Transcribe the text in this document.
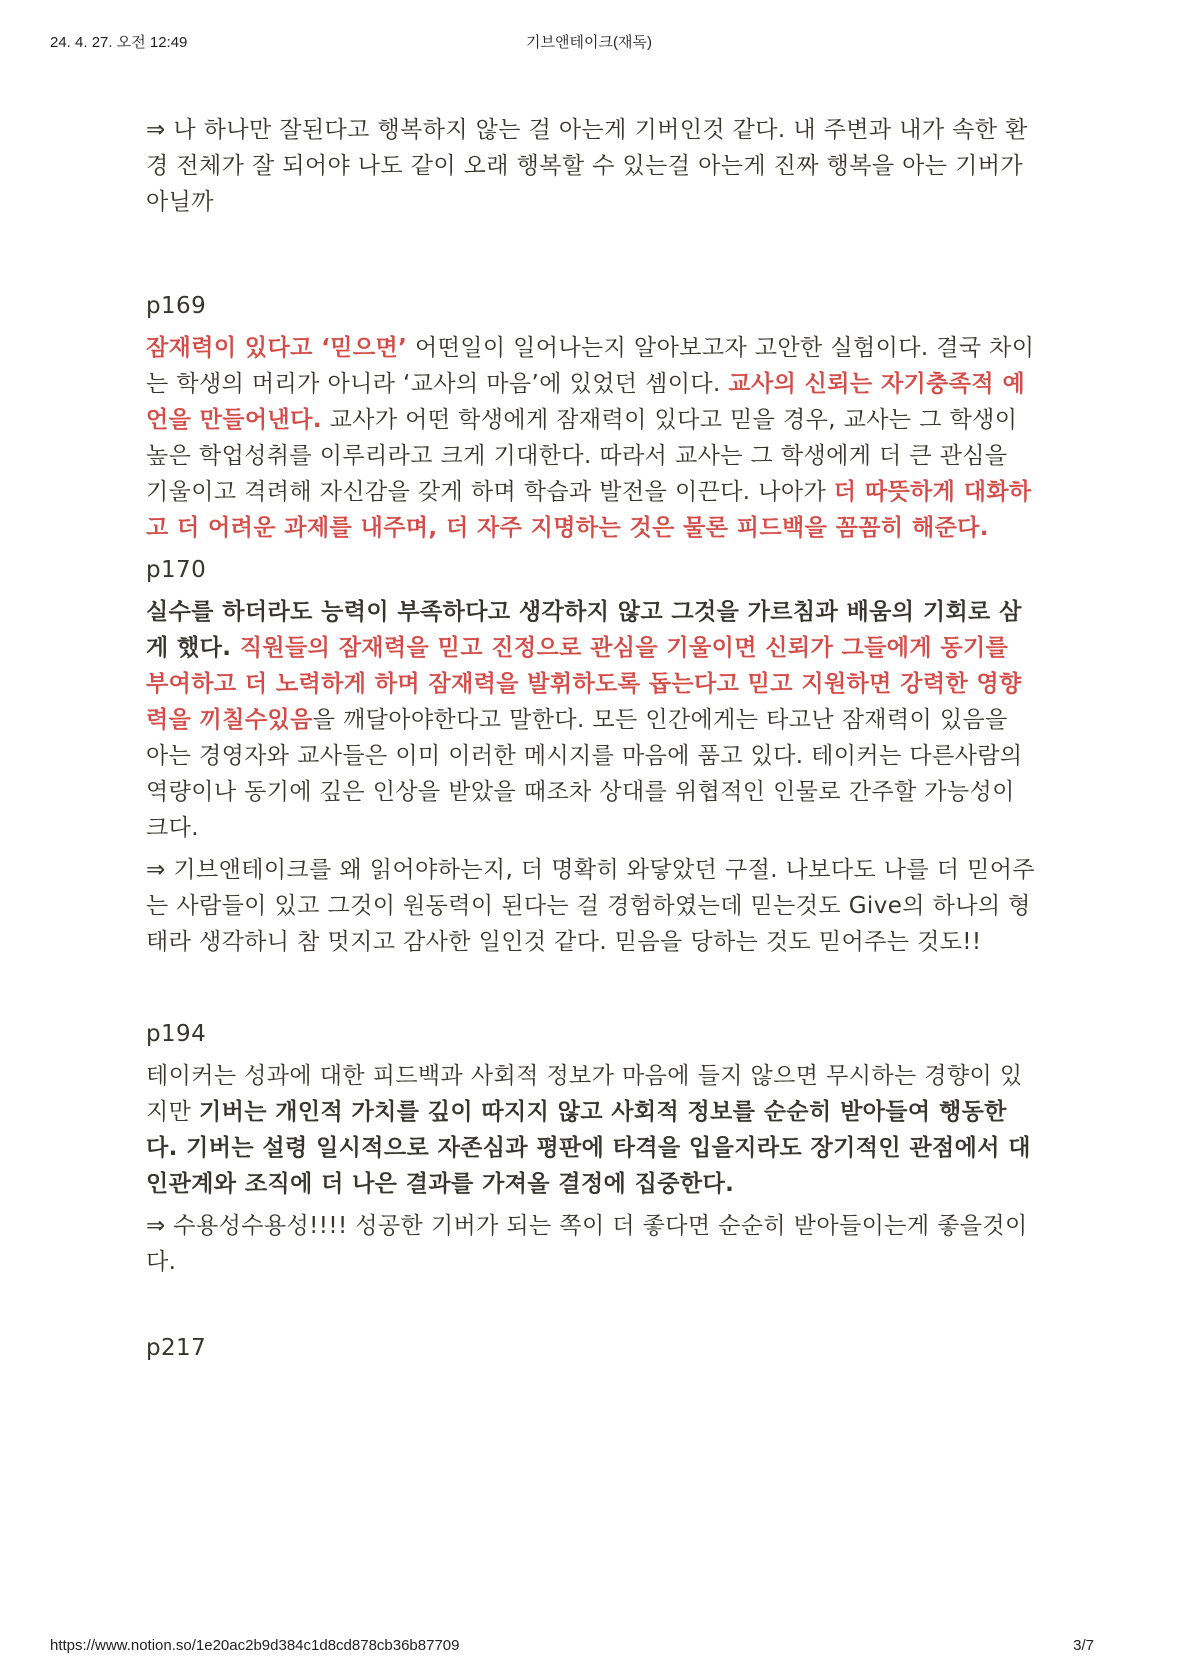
24. 4. 27. 오전 12:49	기브앤테이크(재독)

⇒ 나 하나만 잘된다고 행복하지 않는 걸 아는게 기버인것 같다. 내 주변과 내가 속한 환경 전체가 잘 되어야 나도 같이 오래 행복할 수 있는걸 아는게 진짜 행복을 아는 기버가 아닐까

p169

잠재력이 있다고 ‘믿으면’ 어떤일이 일어나는지 알아보고자 고안한 실험이다. 결국 차이는 학생의 머리가 아니라 ‘교사의 마음’에 있었던 셈이다. 교사의 신뢰는 자기충족적 예언을 만들어낸다. 교사가 어떤 학생에게 잠재력이 있다고 믿을 경우, 교사는 그 학생이 높은 학업성취를 이루리라고 크게 기대한다. 따라서 교사는 그 학생에게 더 큰 관심을 기울이고 격려해 자신감을 갖게 하며 학습과 발전을 이끈다. 나아가 더 따뜻하게 대화하고 더 어려운 과제를 내주며, 더 자주 지명하는 것은 물론 피드백을 꼼꼼히 해준다.

p170

실수를 하더라도 능력이 부족하다고 생각하지 않고 그것을 가르침과 배움의 기회로 삼게 했다. 직원들의 잠재력을 믿고 진정으로 관심을 기울이면 신뢰가 그들에게 동기를 부여하고 더 노력하게 하며 잠재력을 발휘하도록 돕는다고 믿고 지원하면 강력한 영향력을 끼칠수있음을 깨달아야한다고 말한다. 모든 인간에게는 타고난 잠재력이 있음을 아는 경영자와 교사들은 이미 이러한 메시지를 마음에 품고 있다. 테이커는 다른사람의 역량이나 동기에 깊은 인상을 받았을 때조차 상대를 위협적인 인물로 간주할 가능성이 크다.

⇒ 기브앤테이크를 왜 읽어야하는지, 더 명확히 와닿았던 구절. 나보다도 나를 더 믿어주는 사람들이 있고 그것이 원동력이 된다는 걸 경험하였는데 믿는것도 Give의 하나의 형태라 생각하니 참 멋지고 감사한 일인것 같다. 믿음을 당하는 것도 믿어주는 것도!!

p194

테이커는 성과에 대한 피드백과 사회적 정보가 마음에 들지 않으면 무시하는 경향이 있지만 기버는 개인적 가치를 깊이 따지지 않고 사회적 정보를 순순히 받아들여 행동한다. 기버는 설령 일시적으로 자존심과 평판에 타격을 입을지라도 장기적인 관점에서 대인관계와 조직에 더 나은 결과를 가져올 결정에 집중한다.

⇒ 수용성수용성!!!! 성공한 기버가 되는 쪽이 더 좋다면 순순히 받아들이는게 좋을것이다.

p217

https://www.notion.so/1e20ac2b9d384c1d8cd878cb36b87709	3/7
